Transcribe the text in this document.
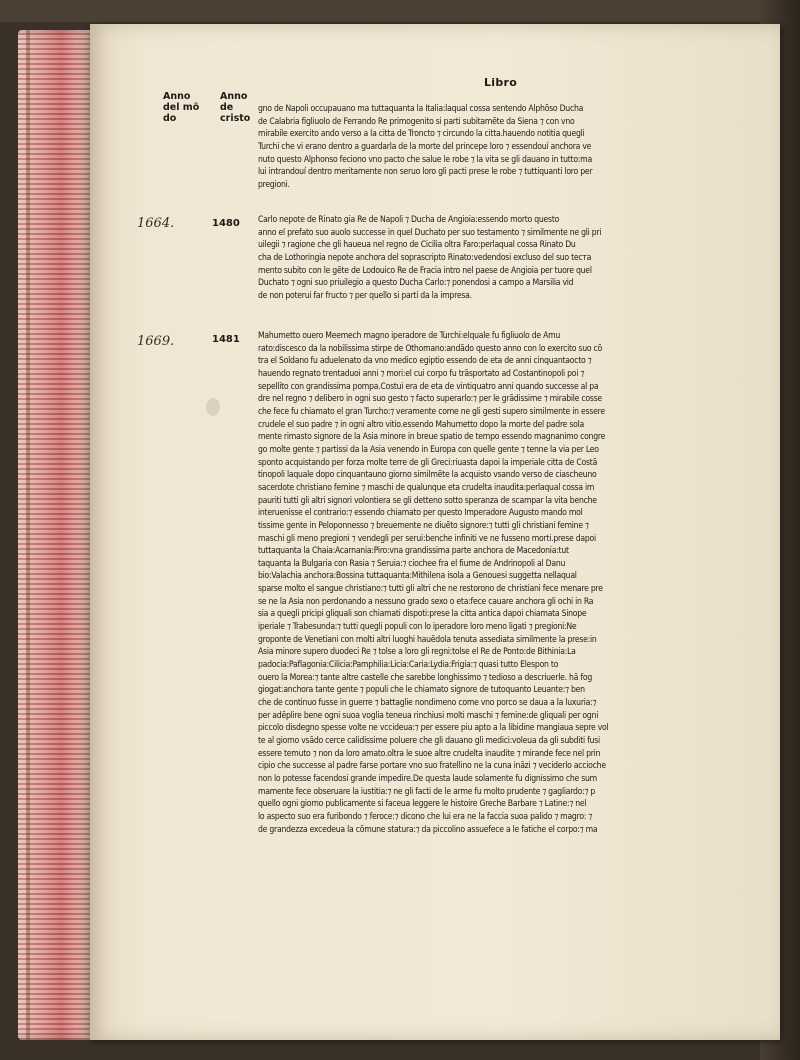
Libro
Anno
del mõ
do
Anno
de cristo
1664.
1669.
1480
1481
gno de Napoli occupauano ma tuttaquanta la Italia:laqual cossa sentendo Alphõso Ducha
de Calabria figliuolo de Ferrando Re primogenito si parti subitamẽte da Siena ⁊ con vno
mirabile exercito ando verso a la citta de Troncto ⁊ circundo la citta.hauendo notitia quegli
Turchi che vi erano dentro a guardarla de la morte del princepe loro ⁊ essendouí anchora ve
nuto questo Alphonso feciono vno pacto che salue le robe ⁊ la vita se gli dauano in tutto:ma
lui intrandouí dentro meritamente non seruo loro gli pacti prese le robe ⁊ tuttiquanti loro per
pregioni.
Carlo nepote de Rinato gia Re de Napoli ⁊ Ducha de Angioia:essendo morto questo
anno el prefato suo auolo successe in quel Duchato per suo testamento ⁊ similmente ne gli pri
uilegii ⁊ ragione che gli haueua nel regno de Cicilia oltra Faro:perlaqual cossa Rinato Du
cha de Lothoringia nepote anchora del soprascripto Rinato:vedendosi excluso del suo teста
mento subito con le gẽte de Lodouico Re de Fracia intro nel paese de Angioia per tuore quel
Duchato ⁊ ogni suo priuilegio a questo Ducha Carlo:⁊ ponendosi a campo a Marsilia vid
de non poterui far fructo ⁊ per quello si parti da la impresa.
Mahumetto ouero Meemech magno iperadore de Turchi:elquale fu figliuolo de Amu
rato:discesco da la nobilissima stirpe de Othomano:andãdo questo anno con lo exercito suo cõ
tra el Soldano fu aduelenato da vno medico egiptio essendo de eta de anni cinquantaocto ⁊
hauendo regnato trentaduoi anni ⁊ mori:el cui corpo fu trãsportato ad Costantinopoli poi ⁊
sepellito con grandissima pompa.Costui era de eta de vintiquatro anni quando successe al pa
dre nel regno ⁊ delibero in ogni suo gesto ⁊ facto superarlo:⁊ per le grãdissime ⁊ mirabile cosse
che fece fu chiamato el gran Turcho:⁊ veramente come ne gli gesti supero similmente in essere
crudele el suo padre ⁊ in ogni altro vitio.essendo Mahumetto dopo la morte del padre sola
mente rimasto signore de la Asia minore in breue spatio de tempo essendo magnanimo congre
go molte gente ⁊ partissi da la Asia venendo in Europa con quelle gente ⁊ tenne la via per Leo
sponto acquistando per forza molte terre de gli Greci:riuasta dapoi la imperiale citta de Costã
tinopoli laquale dopo cinquantauno giorno similmẽte la acquisto vsando verso de ciascheuno
sacerdote christiano femine ⁊ maschi de qualunque eta crudelta inaudita:perlaqual cossa im
pauriti tutti gli altri signori volontiera se gli detteno sotto speranza de scampar la vita benche
interuenisse el contrario:⁊ essendo chiamato per questo Imperadore Augusto mando mol
tissime gente in Peloponnesso ⁊ breuemente ne diuẽto signore:⁊ tutti gli christiani femine ⁊
maschi gli meno pregioni ⁊ vendegli per serui:benche infiniti ve ne fusseno morti.prese dapoi
tuttaquanta la Chaia:Acarnania:Piro:vna grandissima parte anchora de Macedonia:tut
taquanta la Bulgaria con Rasia ⁊ Seruia:⁊ ciochee fra el fiume de Andrinopoli al Danu
bio:Valachia anchora:Bossina tuttaquanta:Mithilena isola a Genouesi suggetta nellaqual
sparse molto el sangue christiano:⁊ tutti gli altri che ne restorono de christiani fece menare pre
se ne la Asia non perdonando a nessuno grado sexo o eta:fece cauare anchora gli ochi in Ra
sia a quegli pricipi gliquali son chiamati dispoti:prese la citta antica dapoi chiamata Sinope
iperiale ⁊ Trabesunda:⁊ tutti quegli populi con lo iperadore loro meno ligati ⁊ pregioni:Ne
groponte de Venetiani con molti altri luoghi hauẽdola tenuta assediata similmente la prese:in
Asia minore supero duodeci Re ⁊ tolse a loro gli regni:tolse el Re de Ponto:de Bithinia:La
padocia:Paflagonia:Cilicia:Pamphilia:Licia:Caria:Lydia:Frigia:⁊ quasi tutto Elespon to
ouero la Morea:⁊ tante altre castelle che sarebbe longhissimo ⁊ tedioso a descriuerle. hã fog
giogat:anchora tante gente ⁊ populi che le chiamato signore de tutoquanto Leuante:⁊ ben
che de continuo fusse in guerre ⁊ battaglie nondimeno come vno porco se daua a la luxuria:⁊
per adẽplire bene ogni suoa voglia teneua rinchiusi molti maschi ⁊ femine:de gliquali per ogni
piccolo disdegno spesse volte ne vccideua:⁊ per essere piu apto a la libidine mangiaua sepre vol
te al giorno vsãdo cerce calidissime poluere che gli dauano gli medici:voleua da gli subditi fusi
essere temuto ⁊ non da loro amato.oltra le suoe altre crudelta inaudite ⁊ mirande fece nel prin
cipio che successe al padre farse portare vno suo fratellino ne la cuna inãzi ⁊ veciderlo accioche
non lo potesse facendosi grande impedire.De questa laude solamente fu dignissimo che sum
mamente fece obseruare la iustitia:⁊ ne gli facti de le arme fu molto prudente ⁊ gagliardo:⁊ p
quello ogni giorno publicamente si faceua leggere le histoire Greche Barbare ⁊ Latine:⁊ nel
lo aspecto suo era furibondo ⁊ feroce:⁊ dicono che lui era ne la faccia suoa palido ⁊ magro: ⁊
de grandezza excedeua la cõmune statura:⁊ da piccolino assuefece a le fatiche el corpo:⁊ ma
